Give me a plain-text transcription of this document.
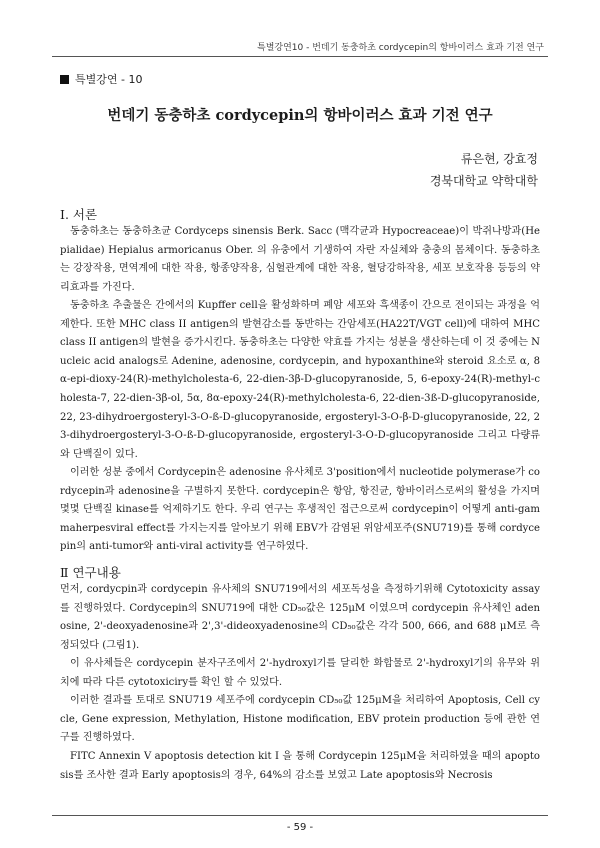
특별강연10 - 번데기 동충하초 cordycepin의 항바이러스 효과 기전 연구
특별강연 - 10
번데기 동충하초 cordycepin의 항바이러스 효과 기전 연구
류은현, 강효정
경북대학교 약학대학
Ⅰ. 서론
동충하초는 동충하초균 Cordyceps sinensis Berk. Sacc (맥각균과 Hypocreaceae)이 박쥐나방과(Hepialidae) Hepialus armoricanus Ober. 의 유충에서 기생하여 자란 자실체와 충충의 몸체이다. 동충하초는 강장작용, 면역계에 대한 작용, 항종양작용, 심혈관계에 대한 작용, 혈당강하작용, 세포 보호작용 등등의 약리효과를 가진다.
동충하초 추출물은 간에서의 Kupffer cell을 활성화하며 폐암 세포와 흑색종이 간으로 전이되는 과정을 억제한다. 또한 MHC class II antigen의 발현감소를 동반하는 간암세포(HA22T/VGT cell)에 대하여 MHC class II antigen의 발현을 증가시킨다. 동충하초는 다양한 약효를 가지는 성분을 생산하는데 이 것 중에는 Nucleic acid analogs로 Adenine, adenosine, cordycepin, and hypoxanthine와 steroid 요소로 α, 8α-epi-dioxy-24(R)-methylcholesta-6, 22-dien-3β-D-glucopyranoside, 5, 6-epoxy-24(R)-methyl-cholesta-7, 22-dien-3β-ol, 5α, 8α-epoxy-24(R)-methylcholesta-6, 22-dien-3ß-D-glucopyranoside, 22, 23-dihydroergosteryl-3-O-ß-D-glucopyranoside, ergosteryl-3-O-β-D-glucopyranoside, 22, 23-dihydroergosteryl-3-O-ß-D-glucopyranoside, ergosteryl-3-O-D-glucopyranoside 그리고 다량류와 단백질이 있다.
이러한 성분 중에서 Cordycepin은 adenosine 유사체로 3'position에서 nucleotide polymerase가 cordycepin과 adenosine을 구별하지 못한다. cordycepin은 항암, 항진균, 항바이러스로써의 활성을 가지며 몇몇 단백질 kinase를 억제하기도 한다. 우리 연구는 후생적인 접근으로써 cordycepin이 어떻게 anti-gammaherpesviral effect를 가지는지를 알아보기 위해 EBV가 감염된 위암세포주(SNU719)를 통해 cordycepin의 anti-tumor와 anti-viral activity를 연구하였다.
Ⅱ 연구내용
먼저, cordycpin과 cordycepin 유사체의 SNU719에서의 세포독성을 측정하기위해 Cytotoxicity assay를 진행하였다. Cordycepin의 SNU719에 대한 CD₅₀값은 125μM 이였으며 cordycepin 유사체인 adenosine, 2'-deoxyadenosine과 2',3'-dideoxyadenosine의 CD₅₀값은 각각 500, 666, and 688 μM로 측정되었다 (그림1).
이 유사체들은 cordycepin 분자구조에서 2'-hydroxyl기를 달리한 화합물로 2'-hydroxyl기의 유무와 위치에 따라 다른 cytotoxiciry를 확인 할 수 있었다.
이러한 결과를 토대로 SNU719 세포주에 cordycepin CD₅₀값 125μM을 처리하여 Apoptosis, Cell cycle, Gene expression, Methylation, Histone modification, EBV protein production 등에 관한 연구를 진행하였다.
FITC Annexin V apoptosis detection kit I 을 통해 Cordycepin 125μM을 처리하였을 때의 apoptosis를 조사한 결과 Early apoptosis의 경우, 64%의 감소를 보였고 Late apoptosis와 Necrosis
- 59 -
